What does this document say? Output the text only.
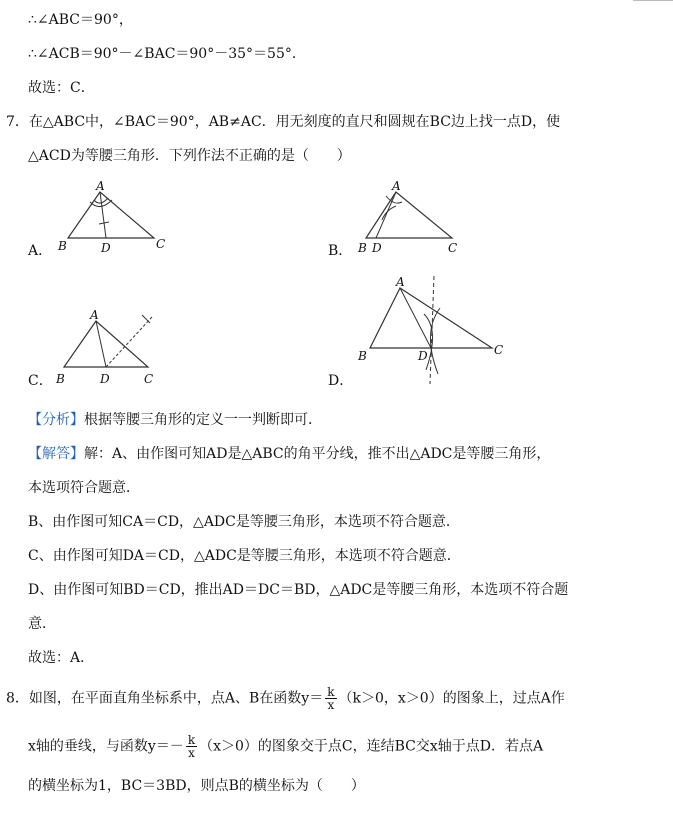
∴∠ABC＝90°，
∴∠ACB＝90°－∠BAC＝90°－35°＝55°．
故选：C．
7．在△ABC中，∠BAC＝90°，AB≠AC．用无刻度的直尺和圆规在BC边上找一点D，使
△ACD为等腰三角形．下列作法不正确的是（　　）
A．
A
B	D	C	B．
A
B D	C
C．
A
B	D	C	D．
A
B	D	C
【分析】根据等腰三角形的定义一一判断即可．
【解答】解：A、由作图可知AD是△ABC的角平分线，推不出△ADC是等腰三角形，
本选项符合题意．
B、由作图可知CA＝CD，△ADC是等腰三角形，本选项不符合题意．
C、由作图可知DA＝CD，△ADC是等腰三角形，本选项不符合题意．
D、由作图可知BD＝CD，推出AD＝DC＝BD，△ADC是等腰三角形，本选项不符合题
意．
故选：A．
8．如图，在平面直角坐标系中，点A、B在函数$y= \frac{k}{x} (k>0$，x＞0）的图象上，过点A作
x轴的垂线，与函数$y=- \frac{k}{x} (x>0)$的图象交于点C，连结BC交x轴于点D．若点A
的横坐标为1，BC＝3BD，则点B的横坐标为（　　）
